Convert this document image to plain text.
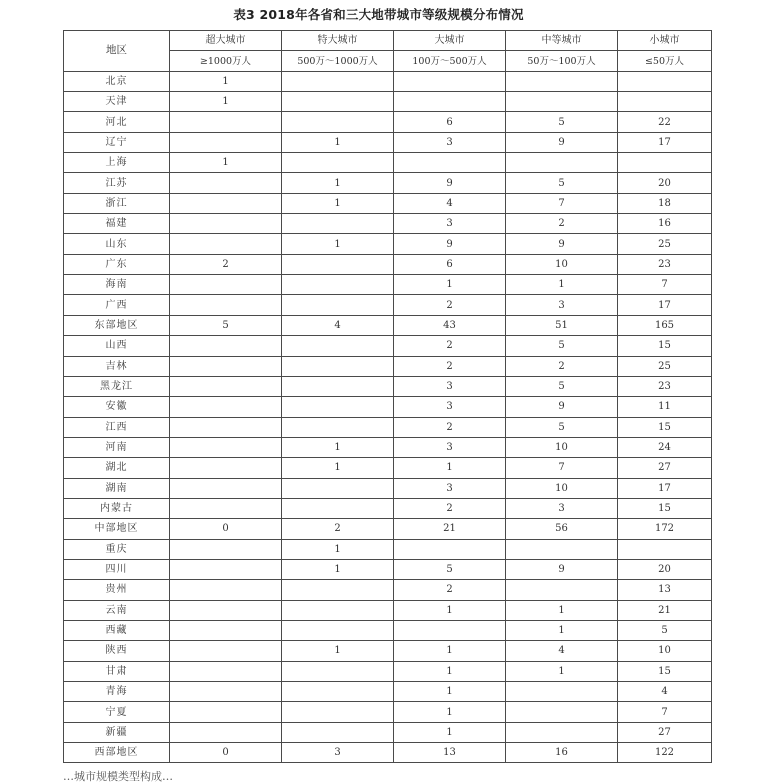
表3 2018年各省和三大地带城市等级规模分布情况
地区	超大城市	特大城市	大城市	中等城市	小城市
	≥1000万人	500万～1000万人	100万～500万人	50万～100万人	≤50万人
北京	1				
天津	1				
河北			6	5	22
辽宁		1	3	9	17
上海	1				
江苏		1	9	5	20
浙江		1	4	7	18
福建			3	2	16
山东		1	9	9	25
广东	2		6	10	23
海南			1	1	7
广西			2	3	17
东部地区	5	4	43	51	165
山西			2	5	15
吉林			2	2	25
黑龙江			3	5	23
安徽			3	9	11
江西			2	5	15
河南		1	3	10	24
湖北		1	1	7	27
湖南			3	10	17
内蒙古			2	3	15
中部地区	0	2	21	56	172
重庆		1			
四川		1	5	9	20
贵州			2		13
云南			1	1	21
西藏				1	5
陕西		1	1	4	10
甘肃			1	1	15
青海			1		4
宁夏			1		7
新疆			1		27
西部地区	0	3	13	16	122
…城市规模类型构成…
